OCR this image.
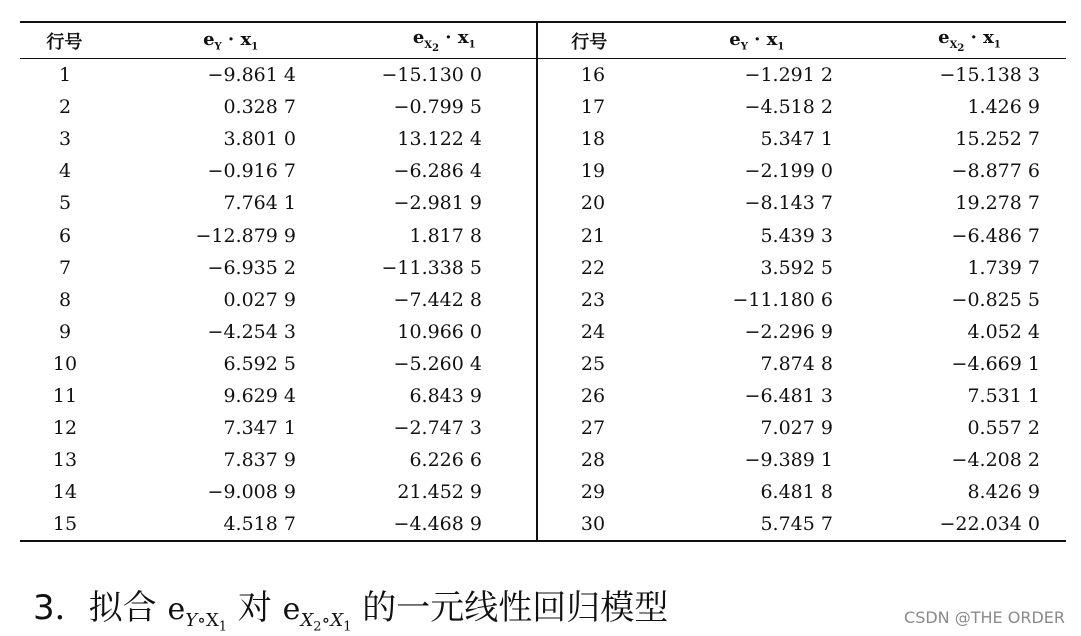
行号	$e_Y \cdot x_1$	$e_{X_2} \cdot x_1$
1	−9.861 4	−15.130 0
2	0.328 7	−0.799 5
3	3.801 0	13.122 4
4	−0.916 7	−6.286 4
5	7.764 1	−2.981 9
6	−12.879 9	1.817 8
7	−6.935 2	−11.338 5
8	0.027 9	−7.442 8
9	−4.254 3	10.966 0
10	6.592 5	−5.260 4
11	9.629 4	6.843 9
12	7.347 1	−2.747 3
13	7.837 9	6.226 6
14	−9.008 9	21.452 9
15	4.518 7	−4.468 9
行号	$e_Y \cdot x_1$	$e_{X_2} \cdot x_1$
16	−1.291 2	−15.138 3
17	−4.518 2	1.426 9
18	5.347 1	15.252 7
19	−2.199 0	−8.877 6
20	−8.143 7	19.278 7
21	5.439 3	−6.486 7
22	3.592 5	1.739 7
23	−11.180 6	−0.825 5
24	−2.296 9	4.052 4
25	7.874 8	−4.669 1
26	−6.481 3	7.531 1
27	7.027 9	0.557 2
28	−9.389 1	−4.208 2
29	6.481 8	8.426 9
30	5.745 7	−22.034 0
3．拟合 $e_{Y\circ X_1}$ 对 $e_{X_2\circ X_1}$ 的一元线性回归模型	CSDN @THE ORDER
